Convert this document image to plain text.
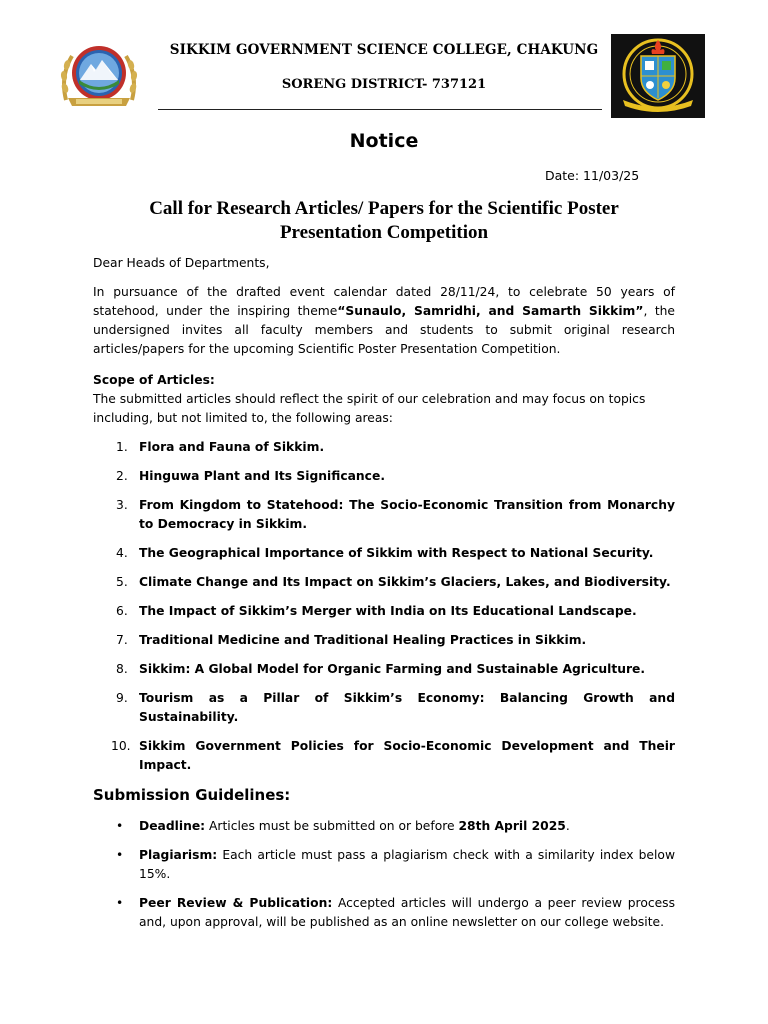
SIKKIM GOVERNMENT SCIENCE COLLEGE, CHAKUNG
SORENG DISTRICT- 737121
Notice
Date: 11/03/25
Call for Research Articles/ Papers for the Scientific Poster
Presentation Competition

Dear Heads of Departments,

In pursuance of the drafted event calendar dated 28/11/24, to celebrate 50 years of statehood, under the inspiring theme“Sunaulo, Samridhi, and Samarth Sikkim”, the undersigned invites all faculty members and students to submit original research articles/papers for the upcoming Scientific Poster Presentation Competition.

Scope of Articles:

The submitted articles should reflect the spirit of our celebration and may focus on topics including, but not limited to, the following areas:

1. Flora and Fauna of Sikkim.
2. Hinguwa Plant and Its Significance.
3. From Kingdom to Statehood: The Socio-Economic Transition from Monarchy to Democracy in Sikkim.
4. The Geographical Importance of Sikkim with Respect to National Security.
5. Climate Change and Its Impact on Sikkim’s Glaciers, Lakes, and Biodiversity.
6. The Impact of Sikkim’s Merger with India on Its Educational Landscape.
7. Traditional Medicine and Traditional Healing Practices in Sikkim.
8. Sikkim: A Global Model for Organic Farming and Sustainable Agriculture.
9. Tourism as a Pillar of Sikkim’s Economy: Balancing Growth and Sustainability.
10. Sikkim Government Policies for Socio-Economic Development and Their Impact.

Submission Guidelines:

• Deadline: Articles must be submitted on or before 28th April 2025.
• Plagiarism: Each article must pass a plagiarism check with a similarity index below 15%.
• Peer Review & Publication: Accepted articles will undergo a peer review process and, upon approval, will be published as an online newsletter on our college website.
